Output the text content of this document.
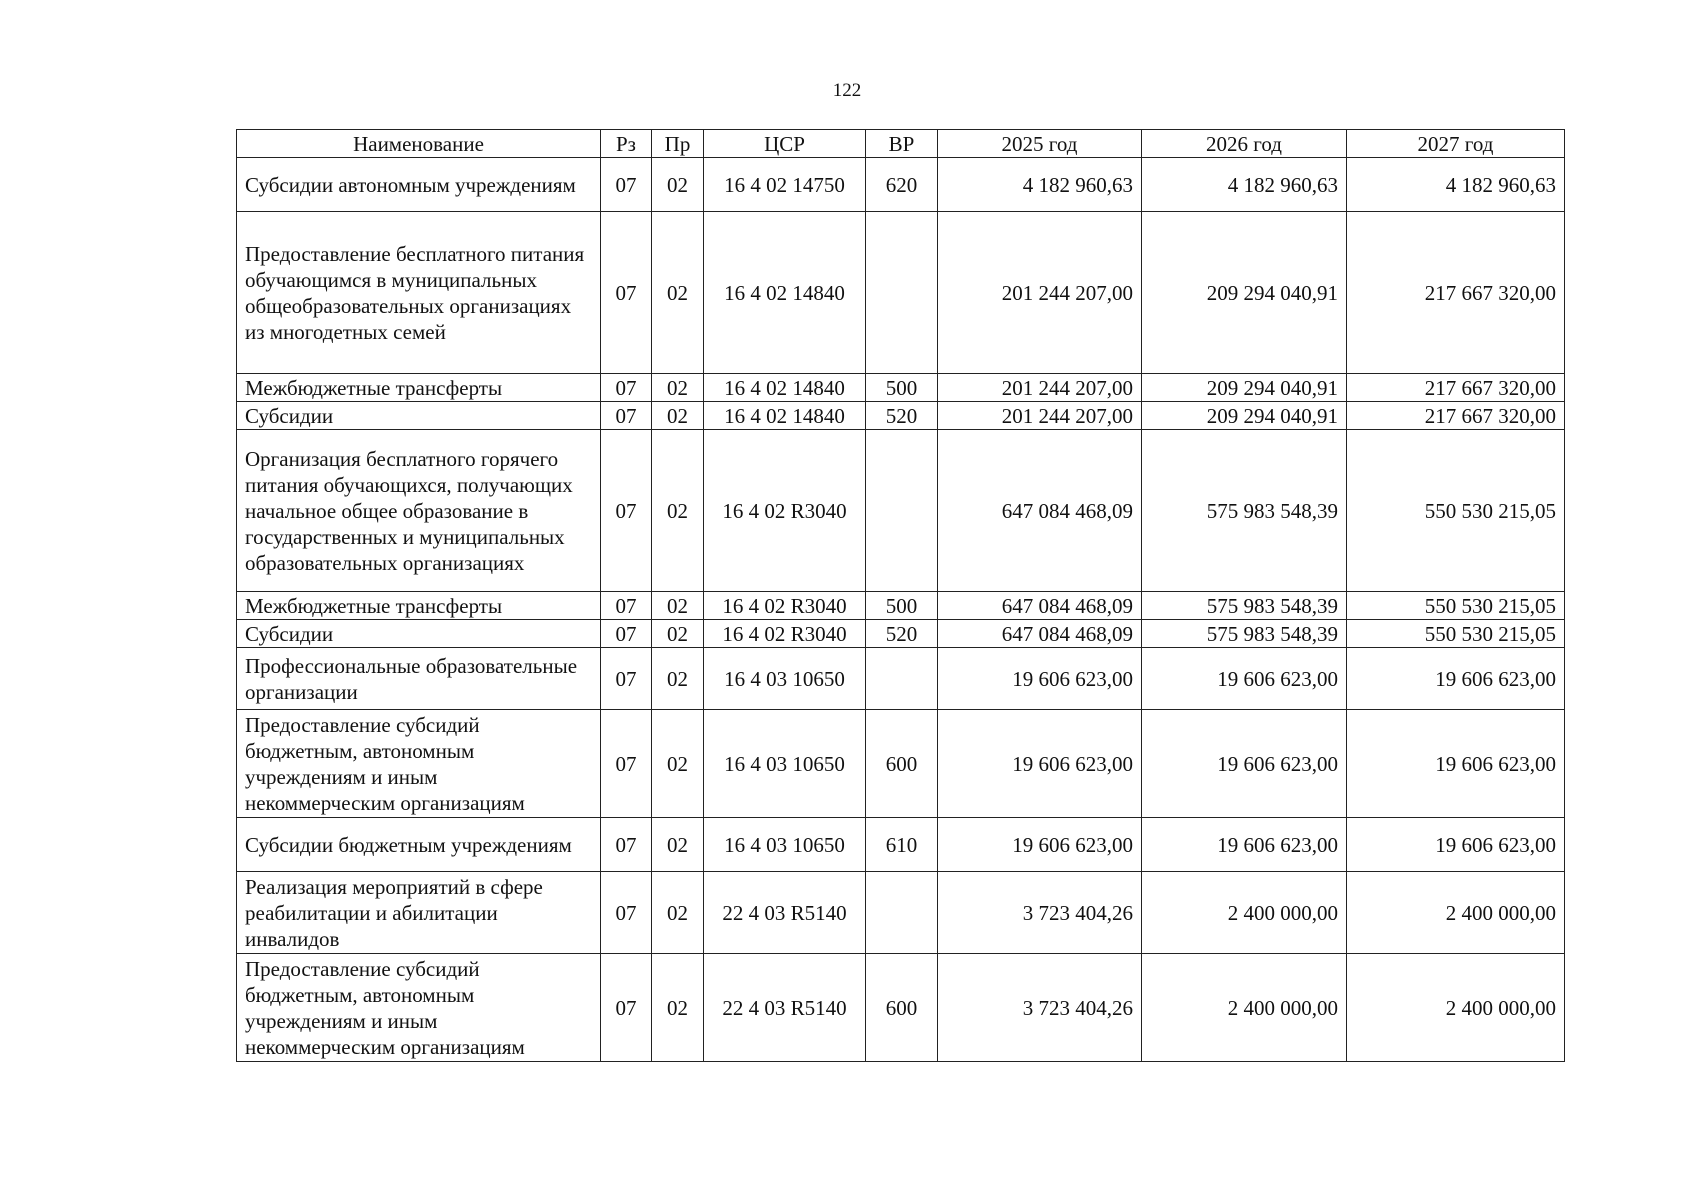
122
Наименование	Рз	Пр	ЦСР	ВР	2025 год	2026 год	2027 год
Субсидии автономным учреждениям	07	02	16 4 02 14750	620	4 182 960,63	4 182 960,63	4 182 960,63
Предоставление бесплатного питания обучающимся в муниципальных общеобразовательных организациях из многодетных семей	07	02	16 4 02 14840		201 244 207,00	209 294 040,91	217 667 320,00
Межбюджетные трансферты	07	02	16 4 02 14840	500	201 244 207,00	209 294 040,91	217 667 320,00
Субсидии	07	02	16 4 02 14840	520	201 244 207,00	209 294 040,91	217 667 320,00
Организация бесплатного горячего питания обучающихся, получающих начальное общее образование в государственных и муниципальных образовательных организациях	07	02	16 4 02 R3040		647 084 468,09	575 983 548,39	550 530 215,05
Межбюджетные трансферты	07	02	16 4 02 R3040	500	647 084 468,09	575 983 548,39	550 530 215,05
Субсидии	07	02	16 4 02 R3040	520	647 084 468,09	575 983 548,39	550 530 215,05
Профессиональные образовательные организации	07	02	16 4 03 10650		19 606 623,00	19 606 623,00	19 606 623,00
Предоставление субсидий бюджетным, автономным учреждениям и иным некоммерческим организациям	07	02	16 4 03 10650	600	19 606 623,00	19 606 623,00	19 606 623,00
Субсидии бюджетным учреждениям	07	02	16 4 03 10650	610	19 606 623,00	19 606 623,00	19 606 623,00
Реализация мероприятий в сфере реабилитации и абилитации инвалидов	07	02	22 4 03 R5140		3 723 404,26	2 400 000,00	2 400 000,00
Предоставление субсидий бюджетным, автономным учреждениям и иным некоммерческим организациям	07	02	22 4 03 R5140	600	3 723 404,26	2 400 000,00	2 400 000,00
